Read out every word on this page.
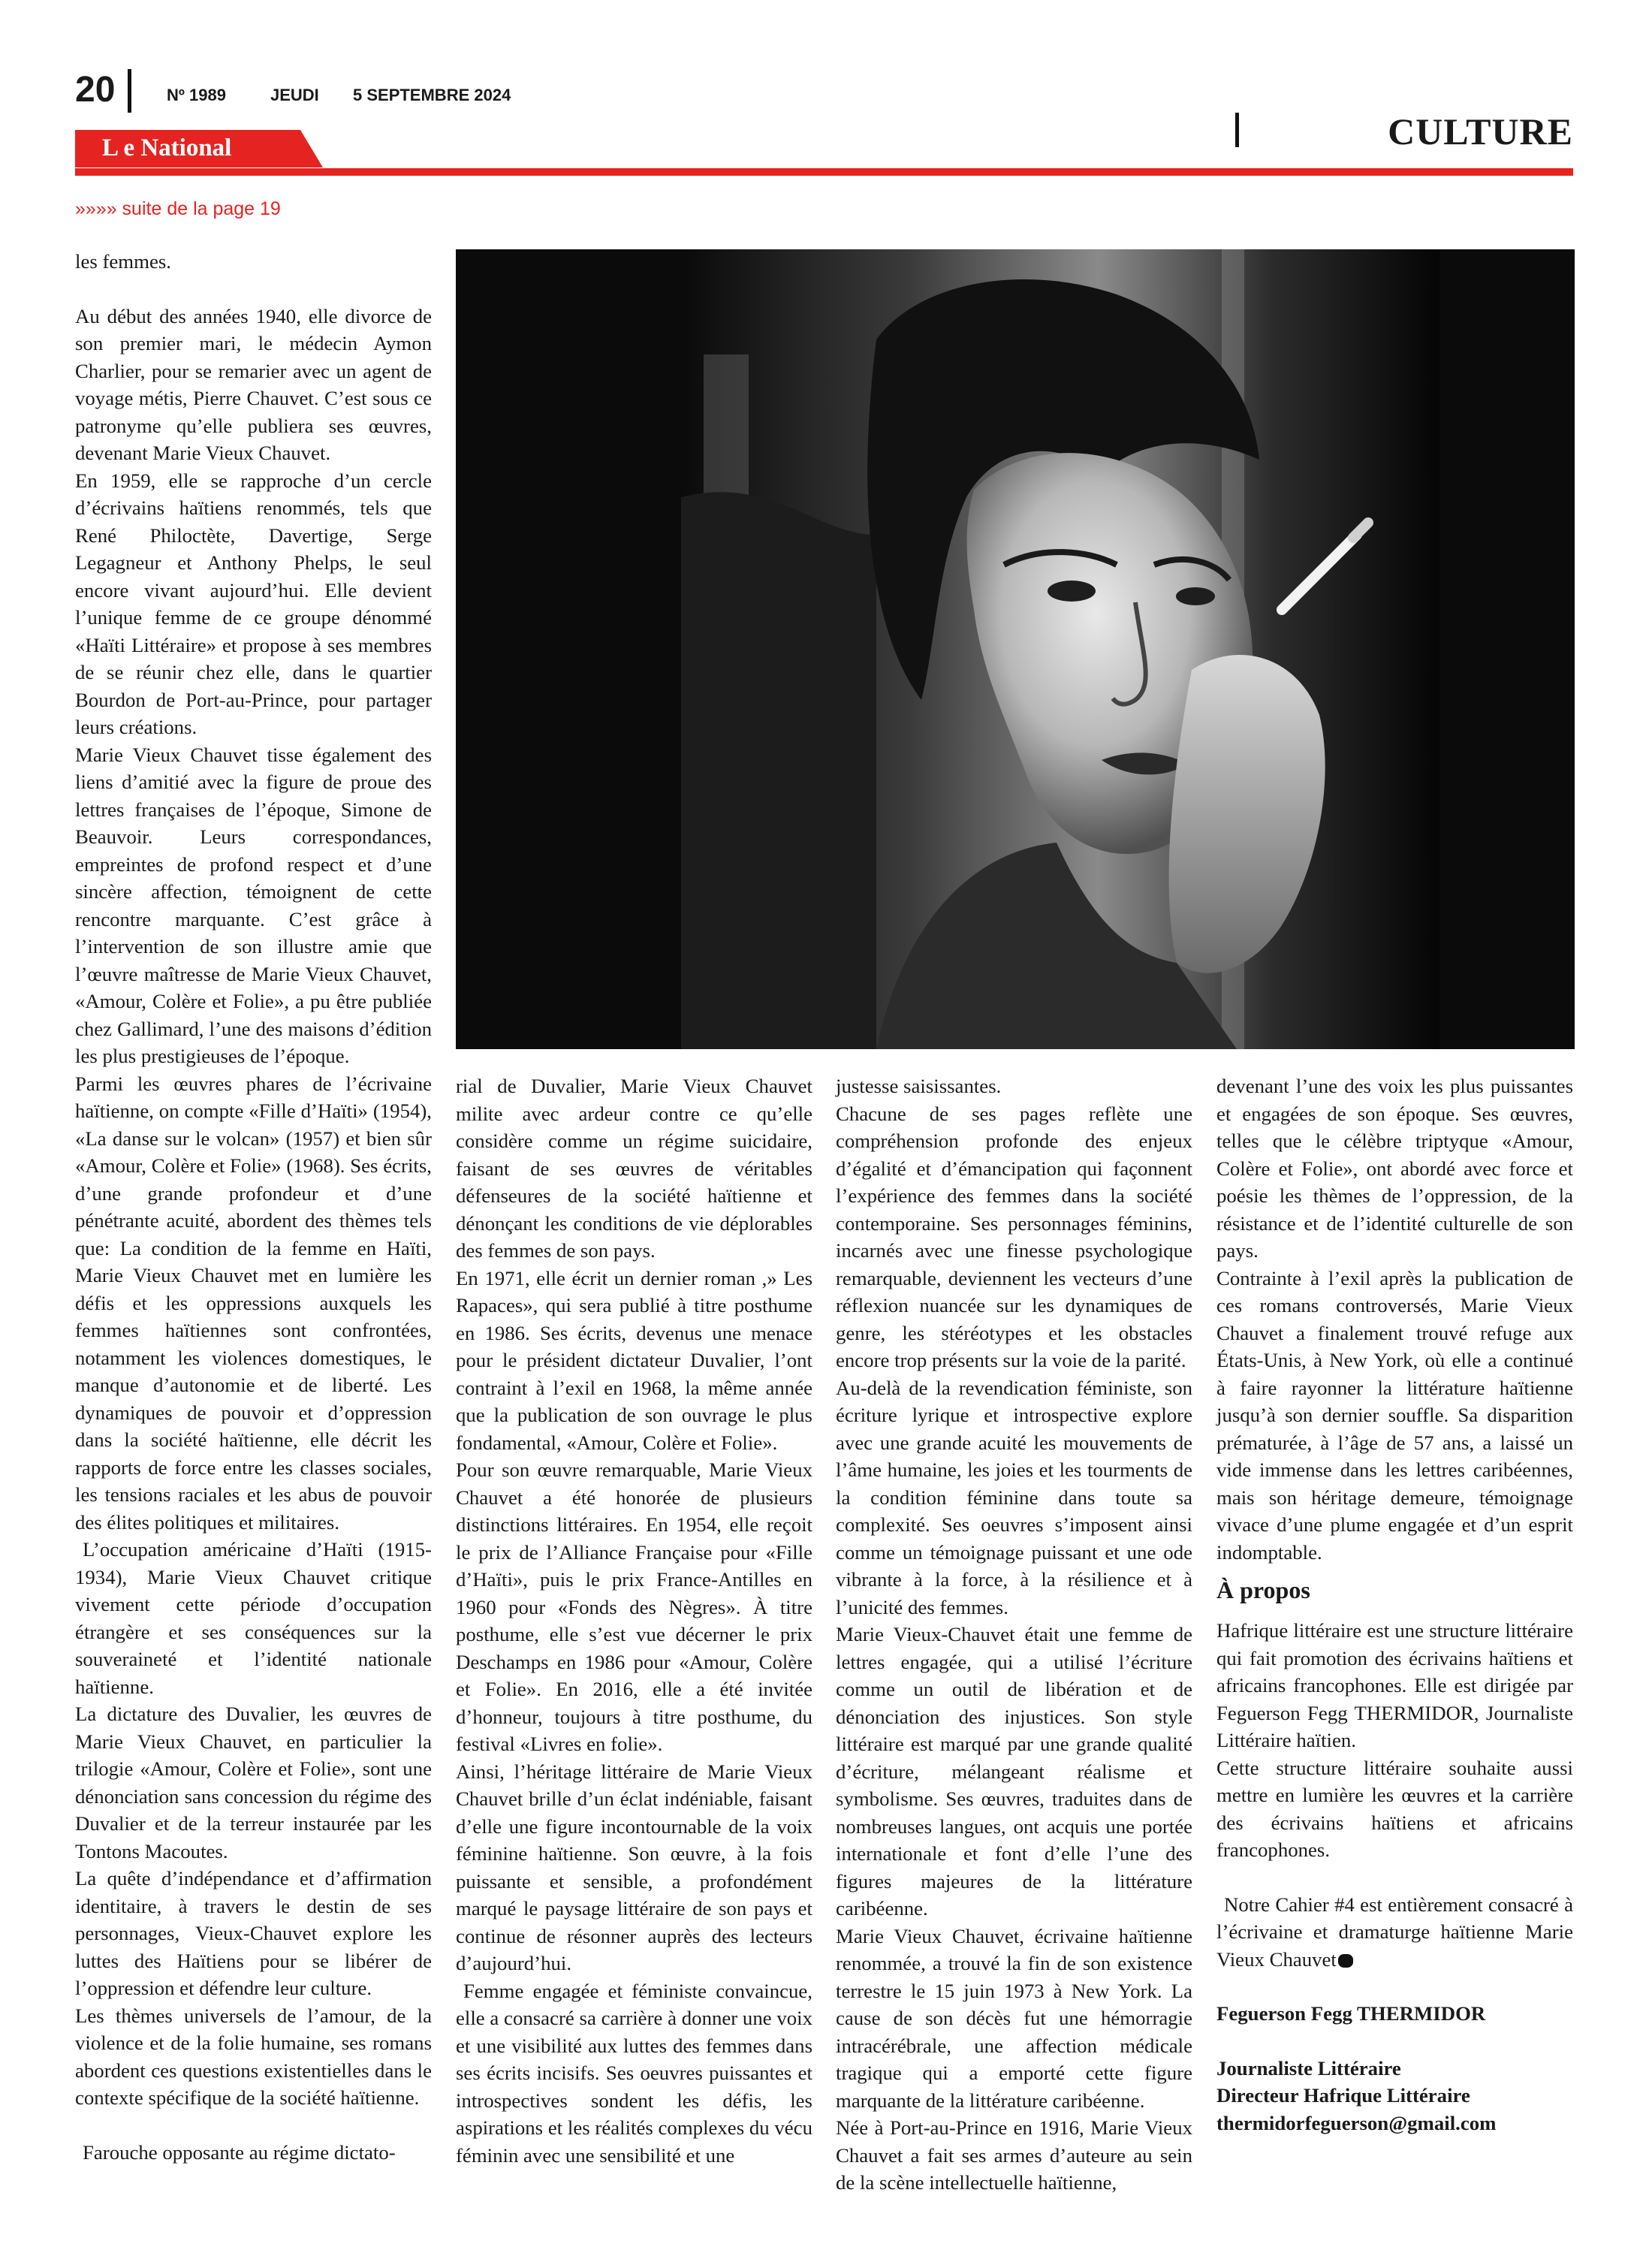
20	Nº 1989	JEUDI 5 SEPTEMBRE 2024
CULTURE
L e National
»»»» suite de la page 19

les femmes.

Au début des années 1940, elle divorce de son premier mari, le médecin Aymon Charlier, pour se remarier avec un agent de voyage métis, Pierre Chauvet. C’est sous ce patronyme qu’elle publiera ses œuvres, devenant Marie Vieux Chauvet.

En 1959, elle se rapproche d’un cercle d’écrivains haïtiens renommés, tels que René Philoctète, Davertige, Serge Legagneur et Anthony Phelps, le seul encore vivant aujourd’hui. Elle devient l’unique femme de ce groupe dénommé «Haïti Littéraire» et propose à ses membres de se réunir chez elle, dans le quartier Bourdon de Port-au-Prince, pour partager leurs créations.

Marie Vieux Chauvet tisse également des liens d’amitié avec la figure de proue des lettres françaises de l’époque, Simone de Beauvoir. Leurs correspondances, empreintes de profond respect et d’une sincère affection, témoignent de cette rencontre marquante. C’est grâce à l’intervention de son illustre amie que l’œuvre maîtresse de Marie Vieux Chauvet, «Amour, Colère et Folie», a pu être publiée chez Gallimard, l’une des maisons d’édition les plus prestigieuses de l’époque.

Parmi les œuvres phares de l’écrivaine haïtienne, on compte «Fille d’Haïti» (1954), «La danse sur le volcan» (1957) et bien sûr «Amour, Colère et Folie» (1968). Ses écrits, d’une grande profondeur et d’une pénétrante acuité, abordent des thèmes tels que: La condition de la femme en Haïti, Marie Vieux Chauvet met en lumière les défis et les oppressions auxquels les femmes haïtiennes sont confrontées, notamment les violences domestiques, le manque d’autonomie et de liberté. Les dynamiques de pouvoir et d’oppression dans la société haïtienne, elle décrit les rapports de force entre les classes sociales, les tensions raciales et les abus de pouvoir des élites politiques et militaires.

L’occupation américaine d’Haïti (1915-1934), Marie Vieux Chauvet critique vivement cette période d’occupation étrangère et ses conséquences sur la souveraineté et l’identité nationale haïtienne.

La dictature des Duvalier, les œuvres de Marie Vieux Chauvet, en particulier la trilogie «Amour, Colère et Folie», sont une dénonciation sans concession du régime des Duvalier et de la terreur instaurée par les Tontons Macoutes.

La quête d’indépendance et d’affirmation identitaire, à travers le destin de ses personnages, Vieux-Chauvet explore les luttes des Haïtiens pour se libérer de l’oppression et défendre leur culture.

Les thèmes universels de l’amour, de la violence et de la folie humaine, ses romans abordent ces questions existentielles dans le contexte spécifique de la société haïtienne.

Farouche opposante au régime dictato-

rial de Duvalier, Marie Vieux Chauvet milite avec ardeur contre ce qu’elle considère comme un régime suicidaire, faisant de ses œuvres de véritables défenseures de la société haïtienne et dénonçant les conditions de vie déplorables des femmes de son pays.

En 1971, elle écrit un dernier roman ,» Les Rapaces», qui sera publié à titre posthume en 1986. Ses écrits, devenus une menace pour le président dictateur Duvalier, l’ont contraint à l’exil en 1968, la même année que la publication de son ouvrage le plus fondamental, «Amour, Colère et Folie».

Pour son œuvre remarquable, Marie Vieux Chauvet a été honorée de plusieurs distinctions littéraires. En 1954, elle reçoit le prix de l’Alliance Française pour «Fille d’Haïti», puis le prix France-Antilles en 1960 pour «Fonds des Nègres». À titre posthume, elle s’est vue décerner le prix Deschamps en 1986 pour «Amour, Colère et Folie». En 2016, elle a été invitée d’honneur, toujours à titre posthume, du festival «Livres en folie».

Ainsi, l’héritage littéraire de Marie Vieux Chauvet brille d’un éclat indéniable, faisant d’elle une figure incontournable de la voix féminine haïtienne. Son œuvre, à la fois puissante et sensible, a profondément marqué le paysage littéraire de son pays et continue de résonner auprès des lecteurs d’aujourd’hui.

Femme engagée et féministe convaincue, elle a consacré sa carrière à donner une voix et une visibilité aux luttes des femmes dans ses écrits incisifs. Ses oeuvres puissantes et introspectives sondent les défis, les aspirations et les réalités complexes du vécu féminin avec une sensibilité et une

justesse saisissantes.

Chacune de ses pages reflète une compréhension profonde des enjeux d’égalité et d’émancipation qui façonnent l’expérience des femmes dans la société contemporaine. Ses personnages féminins, incarnés avec une finesse psychologique remarquable, deviennent les vecteurs d’une réflexion nuancée sur les dynamiques de genre, les stéréotypes et les obstacles encore trop présents sur la voie de la parité.

Au-delà de la revendication féministe, son écriture lyrique et introspective explore avec une grande acuité les mouvements de l’âme humaine, les joies et les tourments de la condition féminine dans toute sa complexité. Ses oeuvres s’imposent ainsi comme un témoignage puissant et une ode vibrante à la force, à la résilience et à l’unicité des femmes.

Marie Vieux-Chauvet était une femme de lettres engagée, qui a utilisé l’écriture comme un outil de libération et de dénonciation des injustices. Son style littéraire est marqué par une grande qualité d’écriture, mélangeant réalisme et symbolisme. Ses œuvres, traduites dans de nombreuses langues, ont acquis une portée internationale et font d’elle l’une des figures majeures de la littérature caribéenne.

Marie Vieux Chauvet, écrivaine haïtienne renommée, a trouvé la fin de son existence terrestre le 15 juin 1973 à New York. La cause de son décès fut une hémorragie intracérébrale, une affection médicale tragique qui a emporté cette figure marquante de la littérature caribéenne.

Née à Port-au-Prince en 1916, Marie Vieux Chauvet a fait ses armes d’auteure au sein de la scène intellectuelle haïtienne,

devenant l’une des voix les plus puissantes et engagées de son époque. Ses œuvres, telles que le célèbre triptyque «Amour, Colère et Folie», ont abordé avec force et poésie les thèmes de l’oppression, de la résistance et de l’identité culturelle de son pays.

Contrainte à l’exil après la publication de ces romans controversés, Marie Vieux Chauvet a finalement trouvé refuge aux États-Unis, à New York, où elle a continué à faire rayonner la littérature haïtienne jusqu’à son dernier souffle. Sa disparition prématurée, à l’âge de 57 ans, a laissé un vide immense dans les lettres caribéennes, mais son héritage demeure, témoignage vivace d’une plume engagée et d’un esprit indomptable.

À propos

Hafrique littéraire est une structure littéraire qui fait promotion des écrivains haïtiens et africains francophones. Elle est dirigée par Feguerson Fegg THERMIDOR, Journaliste Littéraire haïtien.

Cette structure littéraire souhaite aussi mettre en lumière les œuvres et la carrière des écrivains haïtiens et africains francophones.

Notre Cahier #4 est entièrement consacré à l’écrivaine et dramaturge haïtienne Marie Vieux Chauvet

Feguerson Fegg THERMIDOR

Journaliste Littéraire

Directeur Hafrique Littéraire

thermidorfeguerson@gmail.com
